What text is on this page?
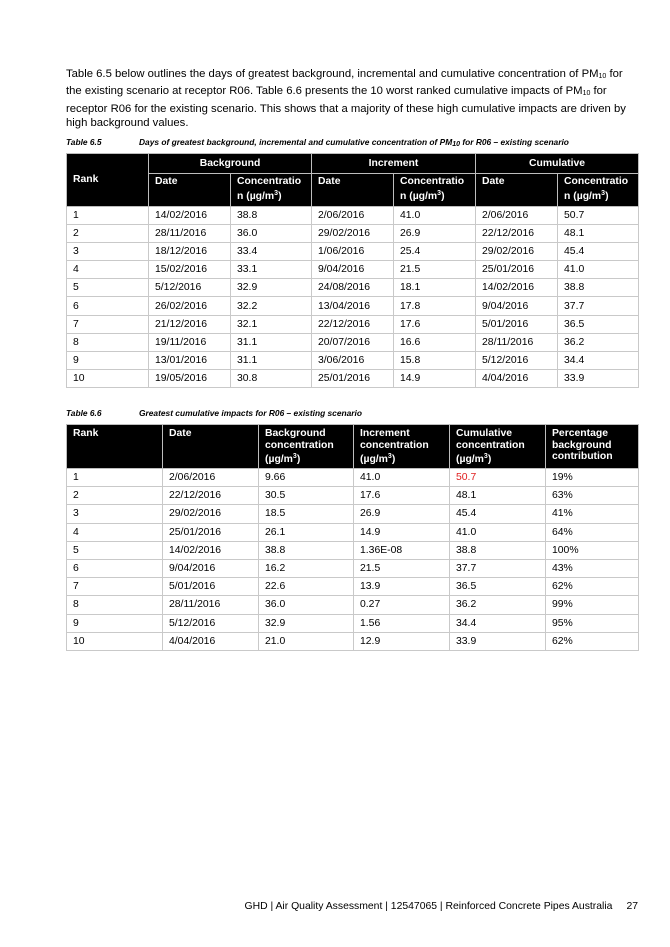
Table 6.5 below outlines the days of greatest background, incremental and cumulative concentration of $PM_{10}$ for the existing scenario at receptor R06. Table 6.6 presents the 10 worst ranked cumulative impacts of $PM_{10}$ for receptor R06 for the existing scenario. This shows that a majority of these high cumulative impacts are driven by high background values.

Table 6.5	Days of greatest background, incremental and cumulative concentration of $PM_{10}$ for R06 – existing scenario

Rank	Background		Increment		Cumulative	
	Date	Concentratio n $(\mu g/m^3)$	Date	Concentratio n $(\mu g/m^3)$	Date	Concentratio n $(\mu g/m^3)$
1	14/02/2016	38.8	2/06/2016	41.0	2/06/2016	50.7
2	28/11/2016	36.0	29/02/2016	26.9	22/12/2016	48.1
3	18/12/2016	33.4	1/06/2016	25.4	29/02/2016	45.4
4	15/02/2016	33.1	9/04/2016	21.5	25/01/2016	41.0
5	5/12/2016	32.9	24/08/2016	18.1	14/02/2016	38.8
6	26/02/2016	32.2	13/04/2016	17.8	9/04/2016	37.7
7	21/12/2016	32.1	22/12/2016	17.6	5/01/2016	36.5
8	19/11/2016	31.1	20/07/2016	16.6	28/11/2016	36.2
9	13/01/2016	31.1	3/06/2016	15.8	5/12/2016	34.4
10	19/05/2016	30.8	25/01/2016	14.9	4/04/2016	33.9

Table 6.6	Greatest cumulative impacts for R06 – existing scenario

Rank	Date	Background concentration $(\mu g/m^3)$	Increment concentration $(\mu g/m^3)$	Cumulative concentration $(\mu g/m^3)$	Percentage background contribution
1	2/06/2016	9.66	41.0	50.7	19%
2	22/12/2016	30.5	17.6	48.1	63%
3	29/02/2016	18.5	26.9	45.4	41%
4	25/01/2016	26.1	14.9	41.0	64%
5	14/02/2016	38.8	1.36E-08	38.8	100%
6	9/04/2016	16.2	21.5	37.7	43%
7	5/01/2016	22.6	13.9	36.5	62%
8	28/11/2016	36.0	0.27	36.2	99%
9	5/12/2016	32.9	1.56	34.4	95%
10	4/04/2016	21.0	12.9	33.9	62%
GHD | Air Quality Assessment | 12547065 | Reinforced Concrete Pipes Australia 27
